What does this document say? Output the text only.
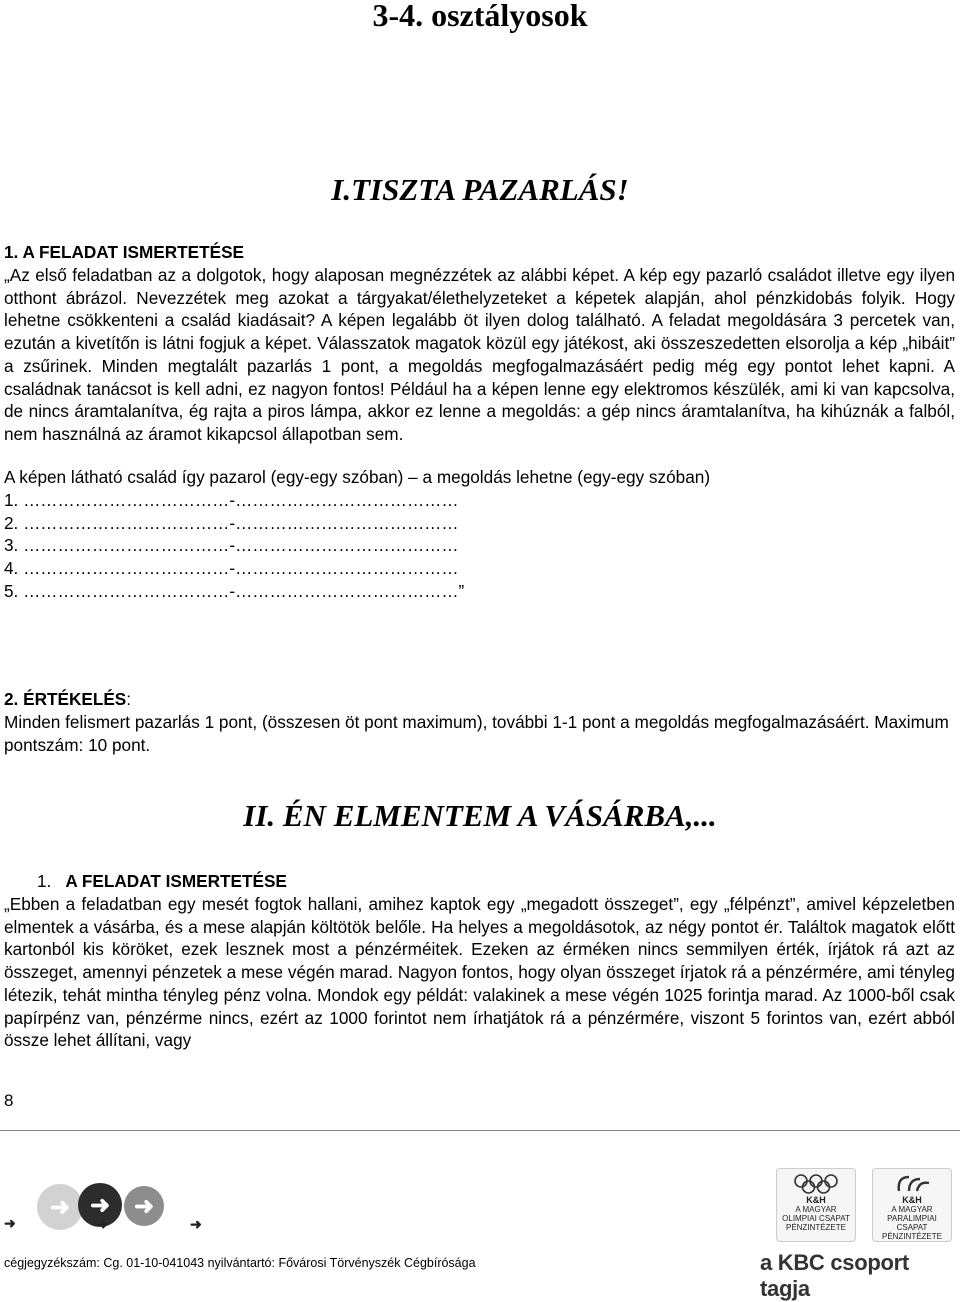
3-4. osztályosok
I.TISZTA PAZARLÁS!
1. A FELADAT ISMERTETÉSE
„Az első feladatban az a dolgotok, hogy alaposan megnézzétek az alábbi képet. A kép egy pazarló családot illetve egy ilyen otthont ábrázol. Nevezzétek meg azokat a tárgyakat/élethelyzeteket a képetek alapján, ahol pénzkidobás folyik. Hogy lehetne csökkenteni a család kiadásait? A képen legalább öt ilyen dolog található. A feladat megoldására 3 percetek van, ezután a kivetítőn is látni fogjuk a képet. Válasszatok magatok közül egy játékost, aki összeszedetten elsorolja a kép „hibáit” a zsűrinek. Minden megtalált pazarlás 1 pont, a megoldás megfogalmazásáért pedig még egy pontot lehet kapni. A családnak tanácsot is kell adni, ez nagyon fontos! Például ha a képen lenne egy elektromos készülék, ami ki van kapcsolva, de nincs áramtalanítva, ég rajta a piros lámpa, akkor ez lenne a megoldás: a gép nincs áramtalanítva, ha kihúznák a falból, nem használná az áramot kikapcsol állapotban sem.
A képen látható család így pazarol (egy-egy szóban) – a megoldás lehetne (egy-egy szóban)
1. ………………………………-…………………………………
2. ………………………………-…………………………………
3. ………………………………-…………………………………
4. ………………………………-…………………………………
5. ………………………………-…………………………………”
2. ÉRTÉKELÉS:
Minden felismert pazarlás 1 pont, (összesen öt pont maximum), további 1-1 pont a megoldás megfogalmazásáért. Maximum pontszám: 10 pont.
II. ÉN ELMENTEM A VÁSÁRBA,...
1. A FELADAT ISMERTETÉSE
„Ebben a feladatban egy mesét fogtok hallani, amihez kaptok egy „megadott összeget”, egy „félpénzt”, amivel képzeletben elmentek a vásárba, és a mese alapján költötök belőle. Ha helyes a megoldásotok, az négy pontot ér. Találtok magatok előtt kartonból kis köröket, ezek lesznek most a pénzérméitek. Ezeken az érméken nincs semmilyen érték, írjátok rá azt az összeget, amennyi pénzetek a mese végén marad. Nagyon fontos, hogy olyan összeget írjatok rá a pénzérmére, ami tényleg létezik, tehát mintha tényleg pénz volna. Mondok egy példát: valakinek a mese végén 1025 forintja marad. Az 1000-ből csak papírpénz van, pénzérme nincs, ezért az 1000 forintot nem írhatjátok rá a pénzérmére, viszont 5 forintos van, ezért abból össze lehet állítani, vagy
8
➜ ➜ ➜
➜	➜	➜
K&H
A MAGYAR
OLIMPIAI CSAPAT
PÉNZINTÉZETE
K&H
A MAGYAR
PARALIMPIAI CSAPAT
PÉNZINTÉZETE
cégjegyzékszám: Cg. 01-10-041043 nyilvántartó: Fővárosi Törvényszék Cégbírósága	a KBC csoport tagja
